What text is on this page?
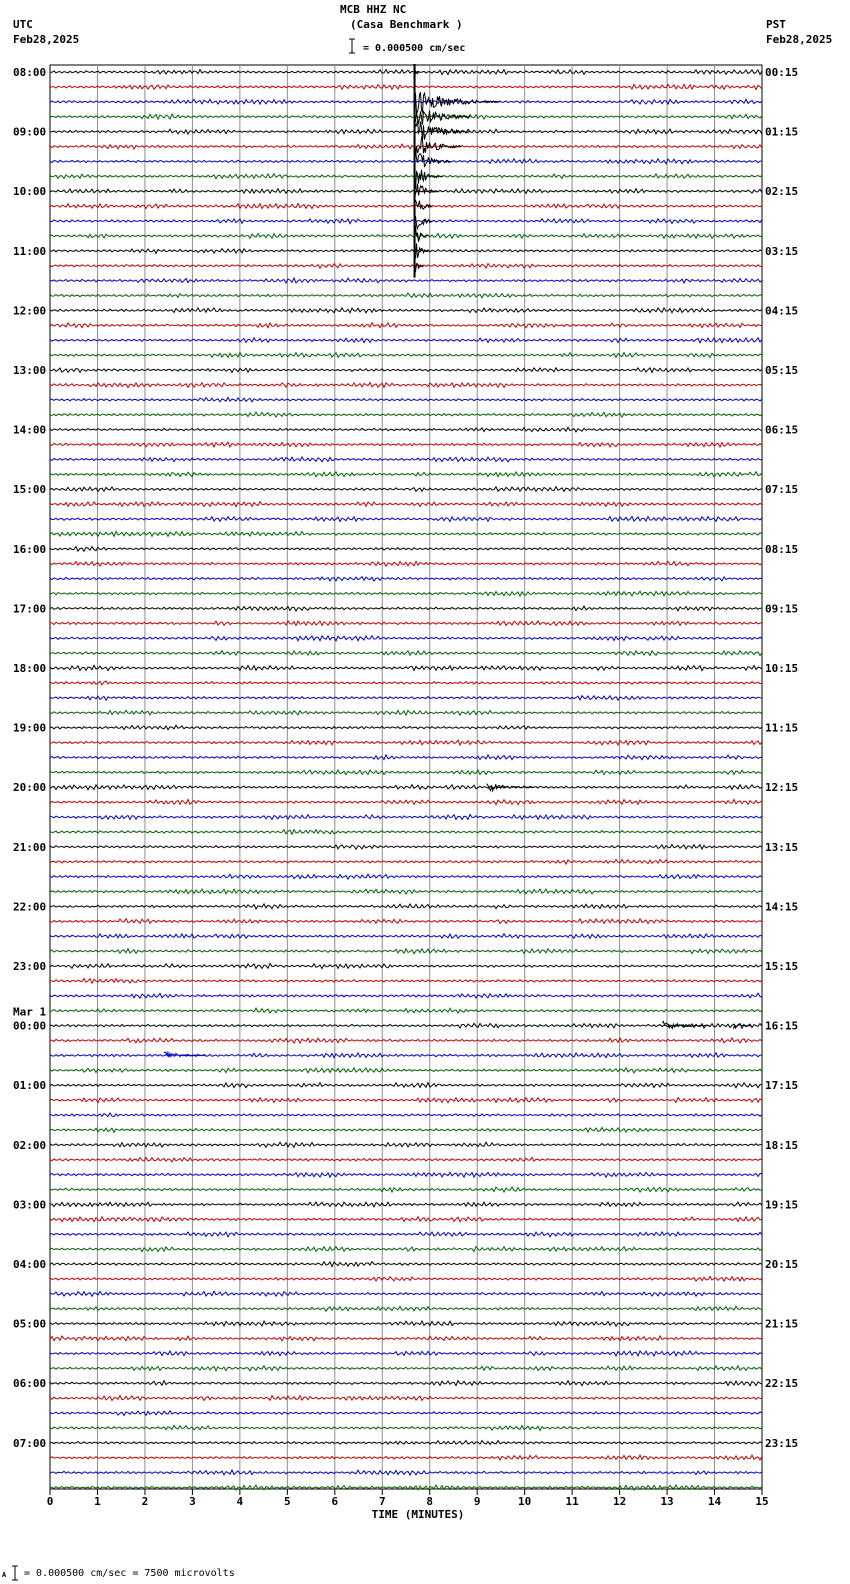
MCB HHZ NC
(Casa Benchmark )
= 0.000500 cm/sec
UTC
Feb28,2025
PST
Feb28,2025
A = 0.000500 cm/sec = 7500 microvolts
TIME (MINUTES)
08:00	00:15
09:00	01:15
10:00	02:15
11:00	03:15
12:00	04:15
13:00	05:15
14:00	06:15
15:00	07:15
16:00	08:15
17:00	09:15
18:00	10:15
19:00	11:15
20:00	12:15
21:00	13:15
22:00	14:15
23:00	15:15
00:00	16:15
01:00	17:15
02:00	18:15
03:00	19:15
04:00	20:15
05:00	21:15
06:00	22:15
07:00	23:15
Mar 1
0	1	2	3	4	5	6	7	8	9	10	11	12	13	14	15
